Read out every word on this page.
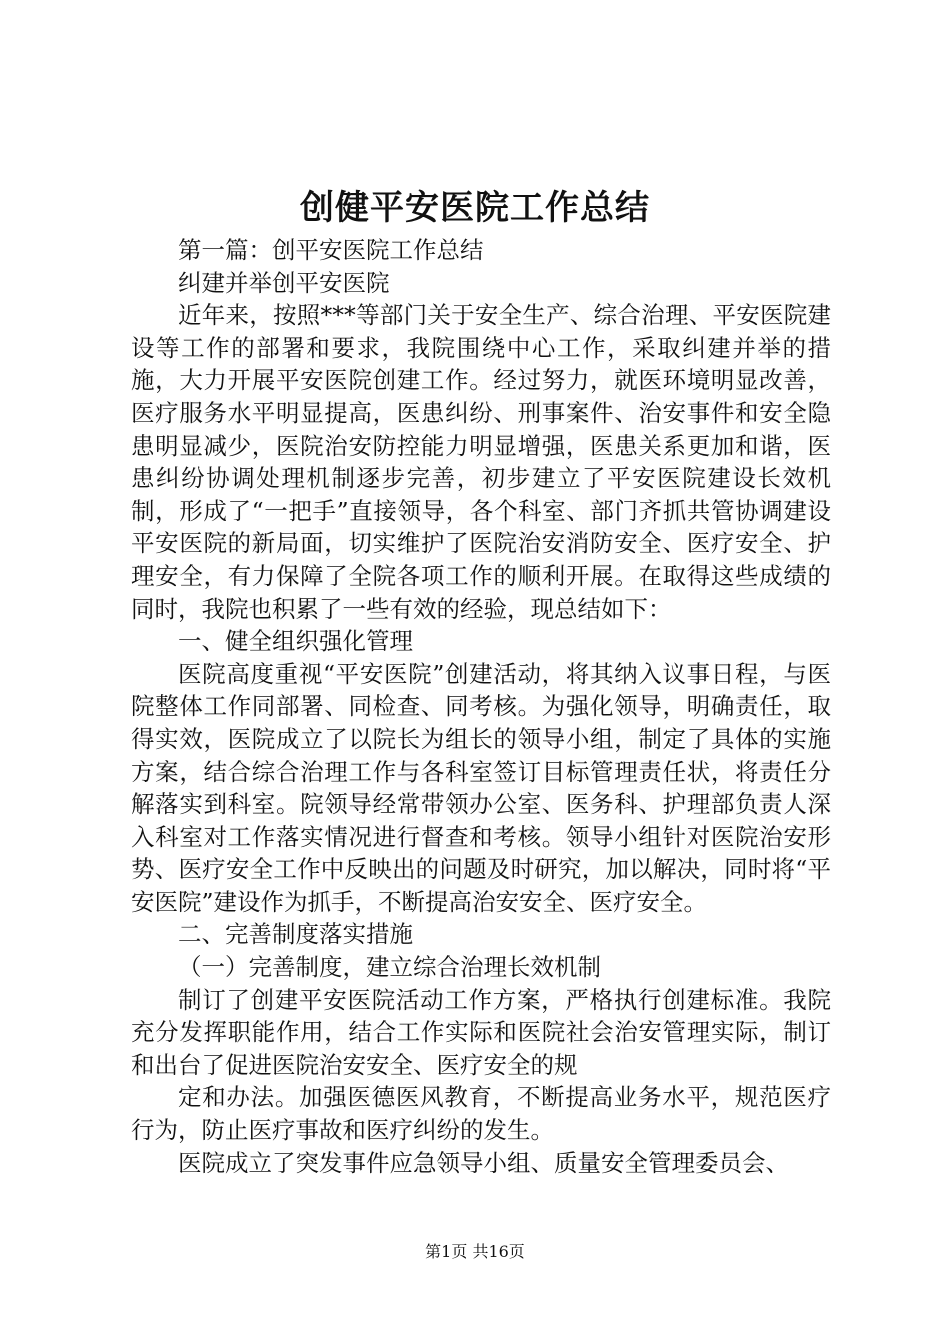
创健平安医院工作总结

第一篇：创平安医院工作总结

纠建并举创平安医院

近年来，按照***等部门关于安全生产、综合治理、平安医院建设等工作的部署和要求，我院围绕中心工作，采取纠建并举的措施，大力开展平安医院创建工作。经过努力，就医环境明显改善，医疗服务水平明显提高，医患纠纷、刑事案件、治安事件和安全隐患明显减少，医院治安防控能力明显增强，医患关系更加和谐，医患纠纷协调处理机制逐步完善，初步建立了平安医院建设长效机制，形成了“一把手”直接领导，各个科室、部门齐抓共管协调建设平安医院的新局面，切实维护了医院治安消防安全、医疗安全、护理安全，有力保障了全院各项工作的顺利开展。在取得这些成绩的同时，我院也积累了一些有效的经验，现总结如下：

一、健全组织强化管理

医院高度重视“平安医院”创建活动，将其纳入议事日程，与医院整体工作同部署、同检查、同考核。为强化领导，明确责任，取得实效，医院成立了以院长为组长的领导小组，制定了具体的实施方案，结合综合治理工作与各科室签订目标管理责任状，将责任分解落实到科室。院领导经常带领办公室、医务科、护理部负责人深入科室对工作落实情况进行督查和考核。领导小组针对医院治安形势、医疗安全工作中反映出的问题及时研究，加以解决，同时将“平安医院”建设作为抓手，不断提高治安安全、医疗安全。

二、完善制度落实措施

（一）完善制度，建立综合治理长效机制

制订了创建平安医院活动工作方案，严格执行创建标准。我院充分发挥职能作用，结合工作实际和医院社会治安管理实际，制订和出台了促进医院治安安全、医疗安全的规

定和办法。加强医德医风教育，不断提高业务水平，规范医疗行为，防止医疗事故和医疗纠纷的发生。

医院成立了突发事件应急领导小组、质量安全管理委员会、

第1页 共16页
